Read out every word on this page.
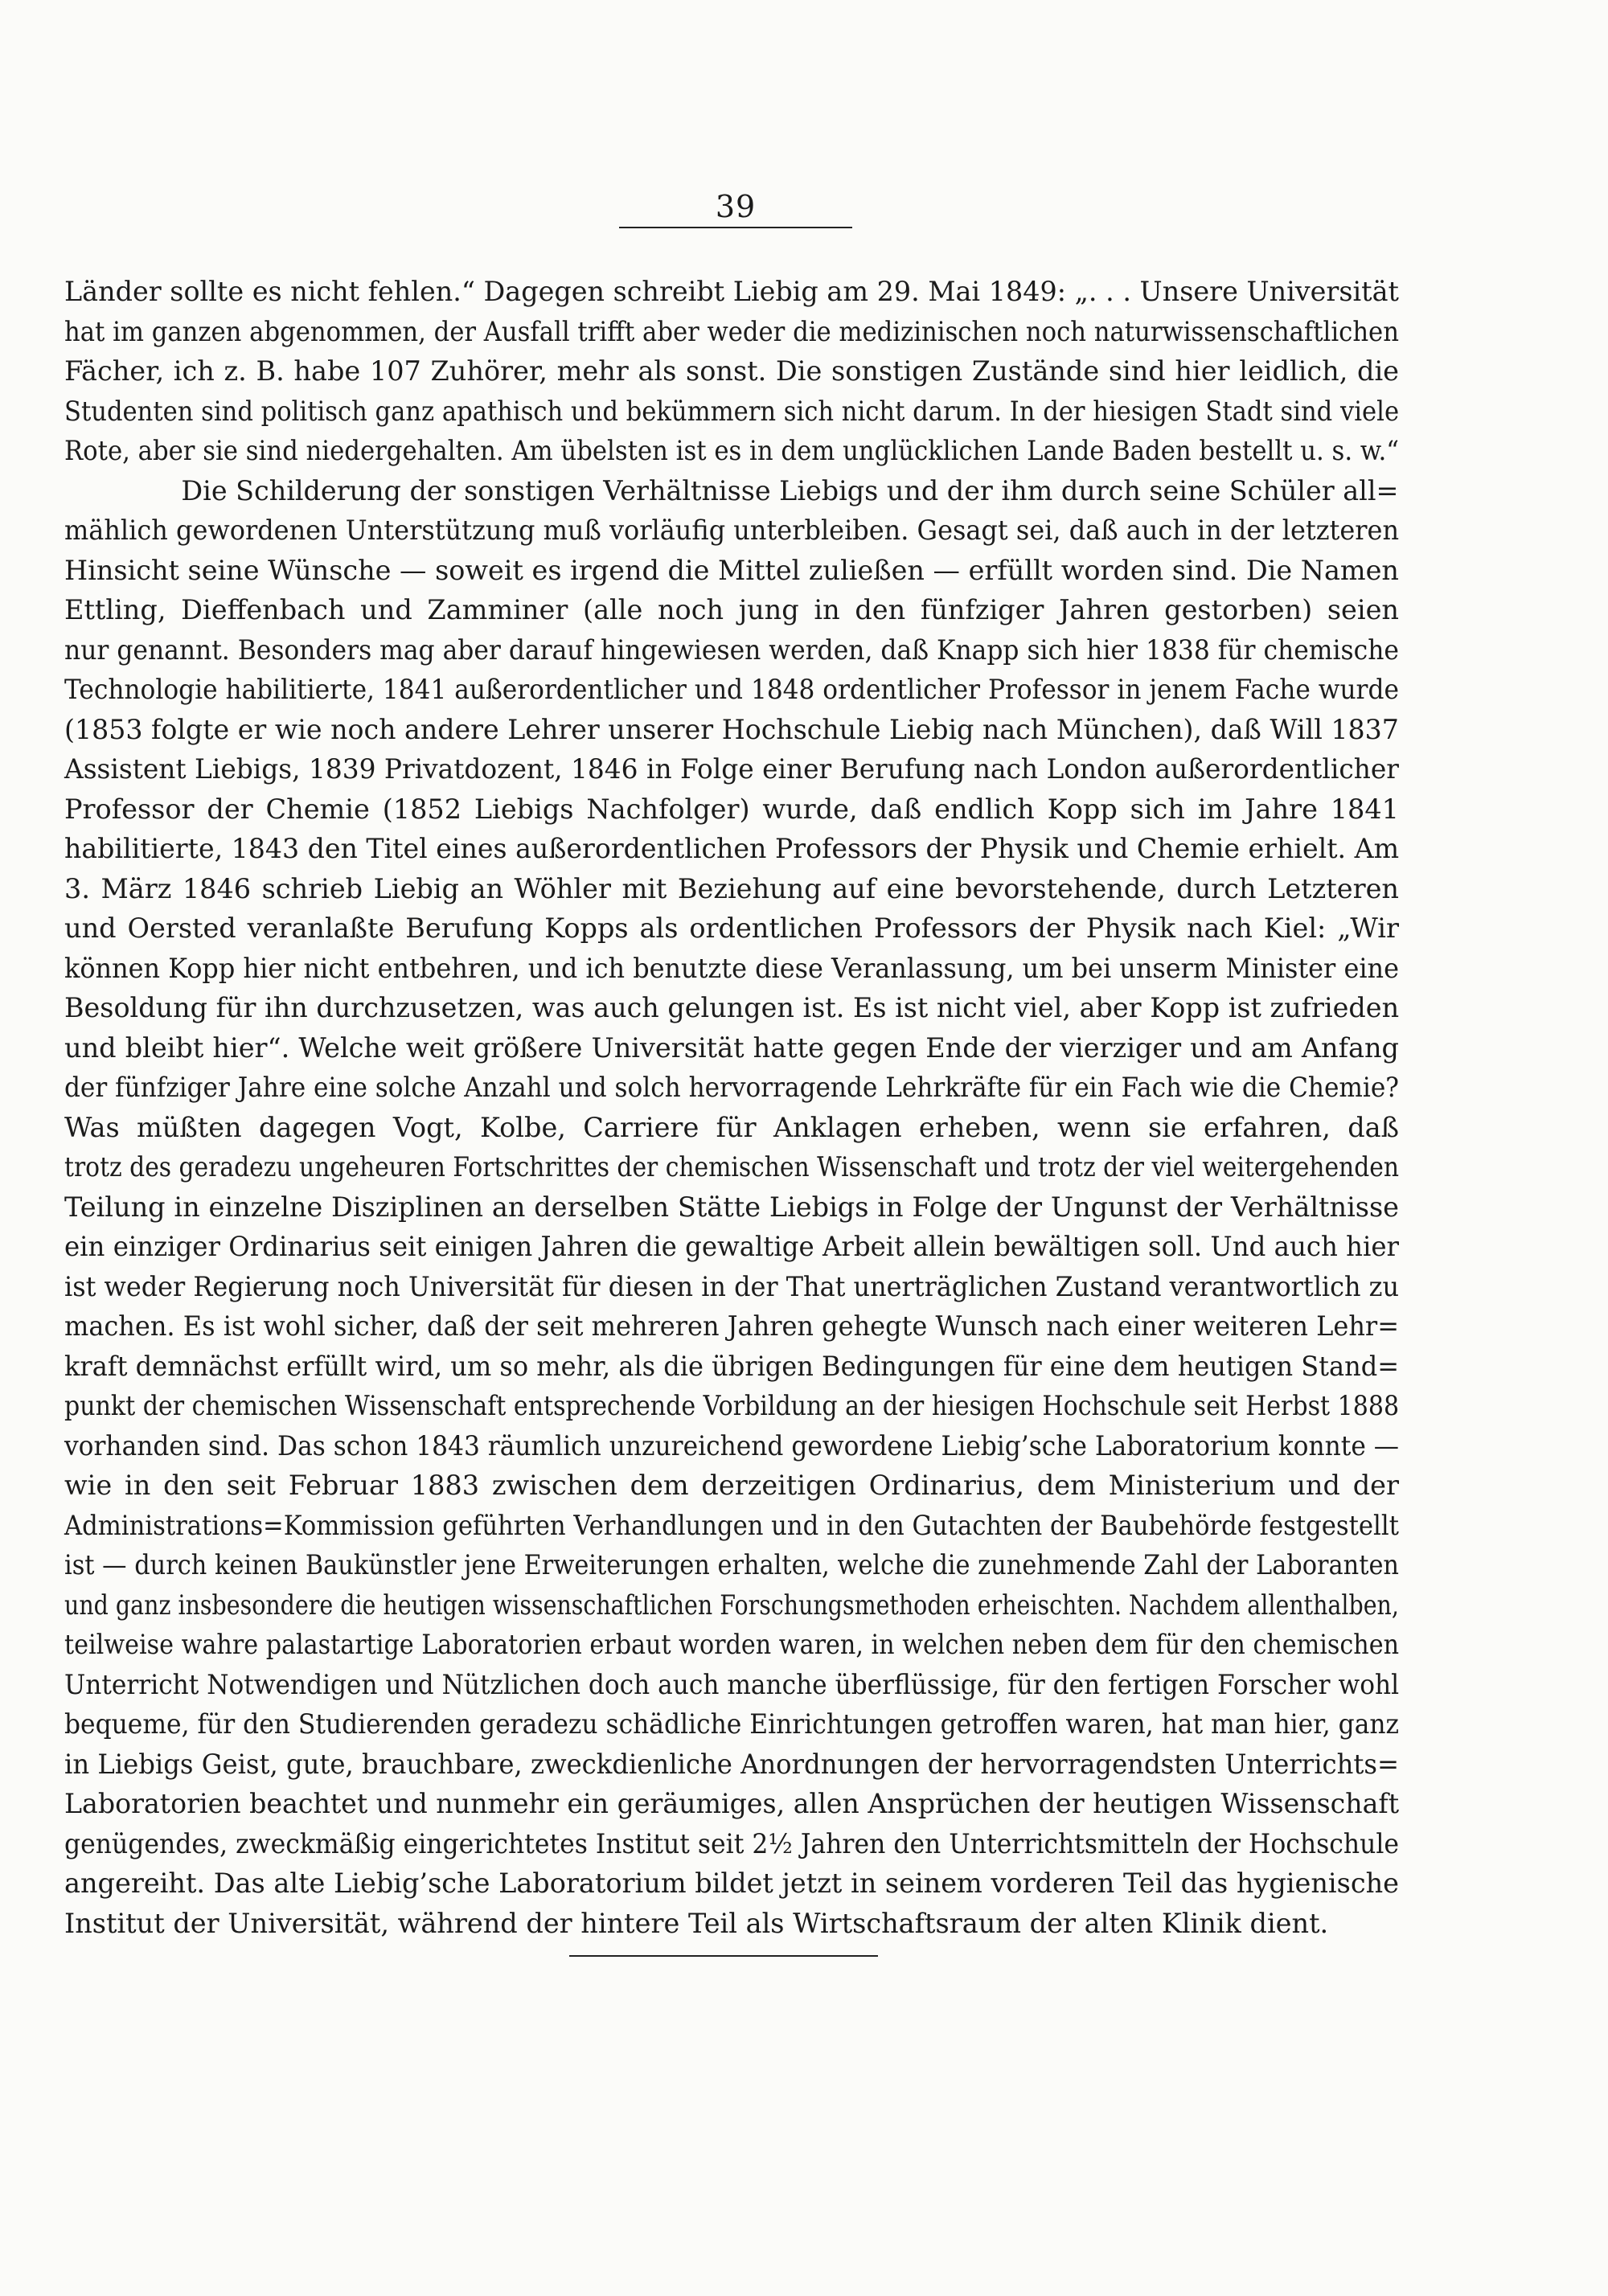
39
Länder sollte es nicht fehlen.“ Dagegen schreibt Liebig am 29. Mai 1849: „. . . Unsere Universität
hat im ganzen abgenommen, der Ausfall trifft aber weder die medizinischen noch naturwissenschaftlichen
Fächer, ich z. B. habe 107 Zuhörer, mehr als sonst. Die sonstigen Zustände sind hier leidlich, die
Studenten sind politisch ganz apathisch und bekümmern sich nicht darum. In der hiesigen Stadt sind viele
Rote, aber sie sind niedergehalten. Am übelsten ist es in dem unglücklichen Lande Baden bestellt u. s. w.“
Die Schilderung der sonstigen Verhältnisse Liebigs und der ihm durch seine Schüler all=
mählich gewordenen Unterstützung muß vorläufig unterbleiben. Gesagt sei, daß auch in der letzteren
Hinsicht seine Wünsche — soweit es irgend die Mittel zuließen — erfüllt worden sind. Die Namen
Ettling, Dieffenbach und Zamminer (alle noch jung in den fünfziger Jahren gestorben) seien
nur genannt. Besonders mag aber darauf hingewiesen werden, daß Knapp sich hier 1838 für chemische
Technologie habilitierte, 1841 außerordentlicher und 1848 ordentlicher Professor in jenem Fache wurde
(1853 folgte er wie noch andere Lehrer unserer Hochschule Liebig nach München), daß Will 1837
Assistent Liebigs, 1839 Privatdozent, 1846 in Folge einer Berufung nach London außerordentlicher
Professor der Chemie (1852 Liebigs Nachfolger) wurde, daß endlich Kopp sich im Jahre 1841
habilitierte, 1843 den Titel eines außerordentlichen Professors der Physik und Chemie erhielt. Am
3. März 1846 schrieb Liebig an Wöhler mit Beziehung auf eine bevorstehende, durch Letzteren
und Oersted veranlaßte Berufung Kopps als ordentlichen Professors der Physik nach Kiel: „Wir
können Kopp hier nicht entbehren, und ich benutzte diese Veranlassung, um bei unserm Minister eine
Besoldung für ihn durchzusetzen, was auch gelungen ist. Es ist nicht viel, aber Kopp ist zufrieden
und bleibt hier“. Welche weit größere Universität hatte gegen Ende der vierziger und am Anfang
der fünfziger Jahre eine solche Anzahl und solch hervorragende Lehrkräfte für ein Fach wie die Chemie?
Was müßten dagegen Vogt, Kolbe, Carriere für Anklagen erheben, wenn sie erfahren, daß
trotz des geradezu ungeheuren Fortschrittes der chemischen Wissenschaft und trotz der viel weitergehenden
Teilung in einzelne Disziplinen an derselben Stätte Liebigs in Folge der Ungunst der Verhältnisse
ein einziger Ordinarius seit einigen Jahren die gewaltige Arbeit allein bewältigen soll. Und auch hier
ist weder Regierung noch Universität für diesen in der That unerträglichen Zustand verantwortlich zu
machen. Es ist wohl sicher, daß der seit mehreren Jahren gehegte Wunsch nach einer weiteren Lehr=
kraft demnächst erfüllt wird, um so mehr, als die übrigen Bedingungen für eine dem heutigen Stand=
punkt der chemischen Wissenschaft entsprechende Vorbildung an der hiesigen Hochschule seit Herbst 1888
vorhanden sind. Das schon 1843 räumlich unzureichend gewordene Liebig’sche Laboratorium konnte —
wie in den seit Februar 1883 zwischen dem derzeitigen Ordinarius, dem Ministerium und der
Administrations=Kommission geführten Verhandlungen und in den Gutachten der Baubehörde festgestellt
ist — durch keinen Baukünstler jene Erweiterungen erhalten, welche die zunehmende Zahl der Laboranten
und ganz insbesondere die heutigen wissenschaftlichen Forschungsmethoden erheischten. Nachdem allenthalben,
teilweise wahre palastartige Laboratorien erbaut worden waren, in welchen neben dem für den chemischen
Unterricht Notwendigen und Nützlichen doch auch manche überflüssige, für den fertigen Forscher wohl
bequeme, für den Studierenden geradezu schädliche Einrichtungen getroffen waren, hat man hier, ganz
in Liebigs Geist, gute, brauchbare, zweckdienliche Anordnungen der hervorragendsten Unterrichts=
Laboratorien beachtet und nunmehr ein geräumiges, allen Ansprüchen der heutigen Wissenschaft
genügendes, zweckmäßig eingerichtetes Institut seit 2½ Jahren den Unterrichtsmitteln der Hochschule
angereiht. Das alte Liebig’sche Laboratorium bildet jetzt in seinem vorderen Teil das hygienische
Institut der Universität, während der hintere Teil als Wirtschaftsraum der alten Klinik dient.
